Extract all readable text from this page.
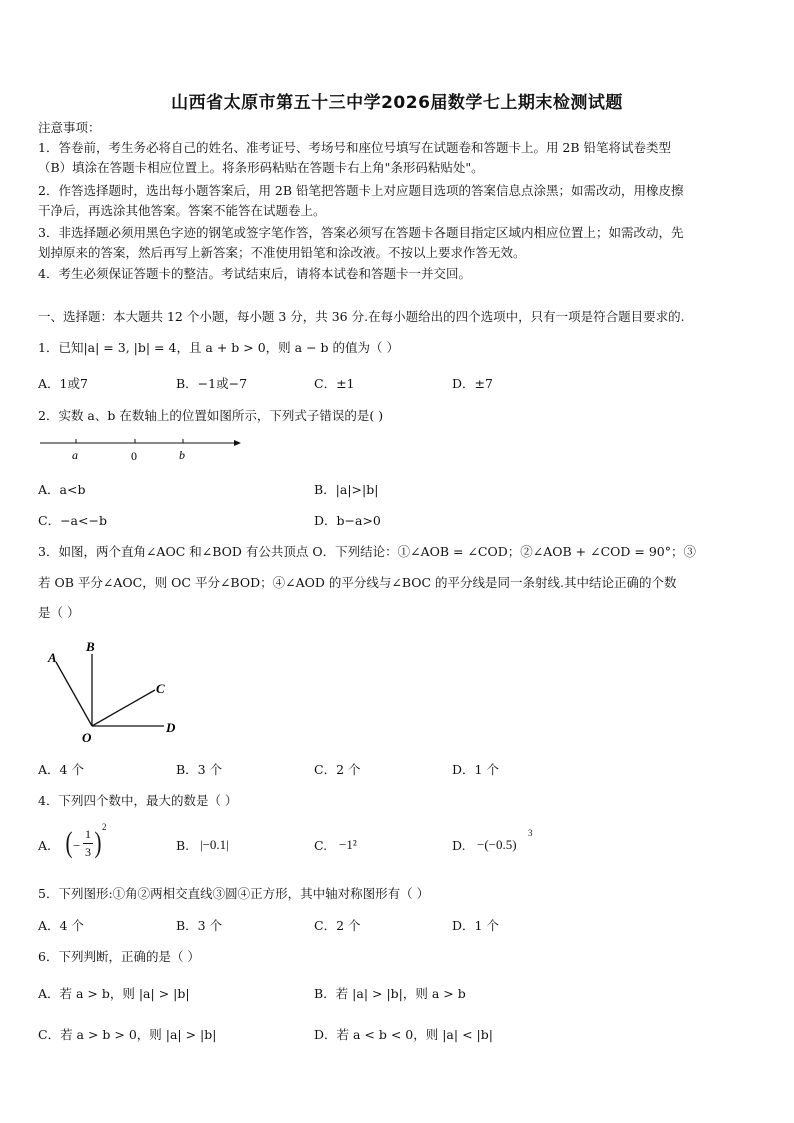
山西省太原市第五十三中学2026届数学七上期末检测试题
注意事项：
1．答卷前，考生务必将自己的姓名、准考证号、考场号和座位号填写在试题卷和答题卡上。用 2B 铅笔将试卷类型
（B）填涂在答题卡相应位置上。将条形码粘贴在答题卡右上角"条形码粘贴处"。
2．作答选择题时，选出每小题答案后，用 2B 铅笔把答题卡上对应题目选项的答案信息点涂黑；如需改动，用橡皮擦
干净后，再选涂其他答案。答案不能答在试题卷上。
3．非选择题必须用黑色字迹的钢笔或签字笔作答，答案必须写在答题卡各题目指定区域内相应位置上；如需改动，先
划掉原来的答案，然后再写上新答案；不准使用铅笔和涂改液。不按以上要求作答无效。
4．考生必须保证答题卡的整洁。考试结束后，请将本试卷和答题卡一并交回。
一、选择题：本大题共 12 个小题，每小题 3 分，共 36 分.在每小题给出的四个选项中，只有一项是符合题目要求的.
1．已知|a| = 3, |b| = 4，且 a + b > 0，则 a − b 的值为（ ）
A．1或7	B．−1或−7	C．±1	D．±7
2．实数 a、b 在数轴上的位置如图所示，下列式子错误的是( )
a	0	b
A．a<b	B．|a|>|b|
C．−a<−b	D．b−a>0
3．如图，两个直角∠AOC 和∠BOD 有公共顶点 O．下列结论：①∠AOB = ∠COD；②∠AOB + ∠COD = 90°；③
若 OB 平分∠AOC，则 OC 平分∠BOD；④∠AOD 的平分线与∠BOC 的平分线是同一条射线.其中结论正确的个数
是（ ）
A
B
C
D
O
A．4 个	B．3 个	C．2 个	D．1 个
4．下列四个数中，最大的数是（ ）
A. ( −
1
3 ) 2
B. |−0.1|	C. −1²	D. −(−0.5)
3
5．下列图形:①角②两相交直线③圆④正方形，其中轴对称图形有（ ）
A．4 个	B．3 个	C．2 个	D．1 个
6．下列判断，正确的是（ ）
A．若 a > b，则 |a| > |b|	B．若 |a| > |b|，则 a > b
C．若 a > b > 0，则 |a| > |b|	D．若 a < b < 0，则 |a| < |b|
